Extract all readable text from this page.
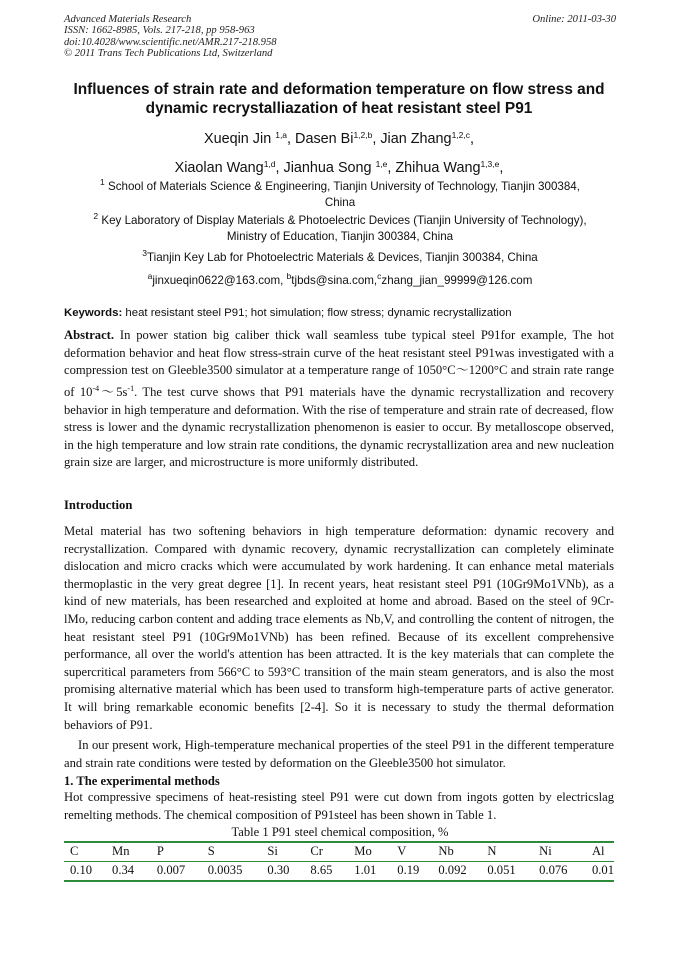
Advanced Materials Research
ISSN: 1662-8985, Vols. 217-218, pp 958-963
doi:10.4028/www.scientific.net/AMR.217-218.958
© 2011 Trans Tech Publications Ltd, Switzerland
Online: 2011-03-30
Influences of strain rate and deformation temperature on flow stress and
dynamic recrystalliazation of heat resistant steel P91
Xueqin Jin $^{1,a}$, Dasen Bi$^{1,2,b}$, Jian Zhang$^{1,2,c}$,
Xiaolan Wang$^{1,d}$, Jianhua Song $^{1,e}$, Zhihua Wang$^{1,3,e}$,
$^1$ School of Materials Science & Engineering, Tianjin University of Technology, Tianjin 300384,
China
$^2$ Key Laboratory of Display Materials & Photoelectric Devices (Tianjin University of Technology),
Ministry of Education, Tianjin 300384, China
$^3$Tianjin Key Lab for Photoelectric Materials & Devices, Tianjin 300384, China
$^a$jinxueqin0622@163.com, $^b$tjbds@sina.com,$^c$zhang_jian_99999@126.com
Keywords: heat resistant steel P91; hot simulation; flow stress; dynamic recrystallization
Abstract. In power station big caliber thick wall seamless tube typical steel P91for example, The hot deformation behavior and heat flow stress-strain curve of the heat resistant steel P91was investigated with a compression test on Gleeble3500 simulator at a temperature range of 1050°C～1200°C and strain rate range of $10^{-4}\sim 5s^{-1}$. The test curve shows that P91 materials have the dynamic recrystallization and recovery behavior in high temperature and deformation. With the rise of temperature and strain rate of decreased, flow stress is lower and the dynamic recrystallization phenomenon is easier to occur. By metalloscope observed, in the high temperature and low strain rate conditions, the dynamic recrystallization area and new nucleation grain size are larger, and microstructure is more uniformly distributed.
Introduction
Metal material has two softening behaviors in high temperature deformation: dynamic recovery and recrystallization. Compared with dynamic recovery, dynamic recrystallization can completely eliminate dislocation and micro cracks which were accumulated by work hardening. It can enhance metal materials thermoplastic in the very great degree [1]. In recent years, heat resistant steel P91 (10Gr9Mo1VNb), as a kind of new materials, has been researched and exploited at home and abroad. Based on the steel of 9Cr-lMo, reducing carbon content and adding trace elements as Nb,V, and controlling the content of nitrogen, the heat resistant steel P91 (10Gr9Mo1VNb) has been refined. Because of its excellent comprehensive performance, all over the world's attention has been attracted. It is the key materials that can complete the supercritical parameters from 566°C to 593°C transition of the main steam generators, and is also the most promising alternative material which has been used to transform high-temperature parts of active generator. It will bring remarkable economic benefits [2-4]. So it is necessary to study the thermal deformation behaviors of P91.
In our present work, High-temperature mechanical properties of the steel P91 in the different temperature and strain rate conditions were tested by deformation on the Gleeble3500 hot simulator.
1. The experimental methods
Hot compressive specimens of heat-resisting steel P91 were cut down from ingots gotten by electricslag remelting methods. The chemical composition of P91steel has been shown in Table 1.
Table 1 P91 steel chemical composition, %
C	Mn	P	S	Si	Cr	Mo	V	Nb	N	Ni	Al
0.10	0.34	0.007	0.0035	0.30	8.65	1.01	0.19	0.092	0.051	0.076	0.01
